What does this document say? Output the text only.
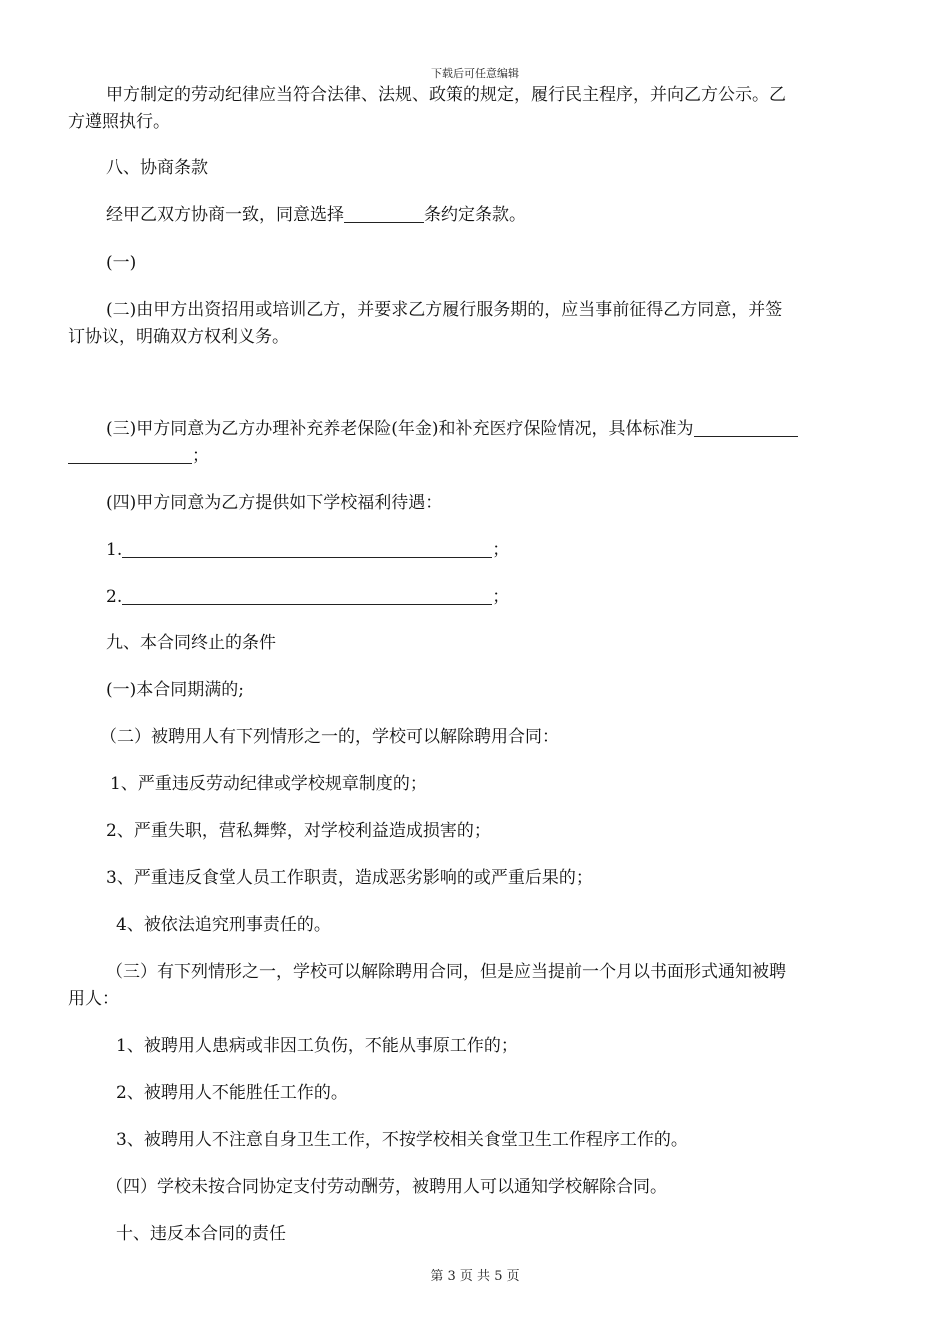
下载后可任意编辑
甲方制定的劳动纪律应当符合法律、法规、政策的规定，履行民主程序，并向乙方公示。乙
方遵照执行。
八、协商条款
经甲乙双方协商一致，同意选择	条约定条款。
(一)
(二)由甲方出资招用或培训乙方，并要求乙方履行服务期的，应当事前征得乙方同意，并签
订协议，明确双方权利义务。
(三)甲方同意为乙方办理补充养老保险(年金)和补充医疗保险情况，具体标准为
；
(四)甲方同意为乙方提供如下学校福利待遇：
1.	；
2.	；
九、本合同终止的条件
(一)本合同期满的;
（二）被聘用人有下列情形之一的，学校可以解除聘用合同：
1、严重违反劳动纪律或学校规章制度的；
2、严重失职，营私舞弊，对学校利益造成损害的；
3、严重违反食堂人员工作职责，造成恶劣影响的或严重后果的；
4、被依法追究刑事责任的。
（三）有下列情形之一，学校可以解除聘用合同，但是应当提前一个月以书面形式通知被聘
用人：
1、被聘用人患病或非因工负伤，不能从事原工作的；
2、被聘用人不能胜任工作的。
3、被聘用人不注意自身卫生工作，不按学校相关食堂卫生工作程序工作的。
（四）学校未按合同协定支付劳动酬劳，被聘用人可以通知学校解除合同。
十、违反本合同的责任
第 3 页 共 5 页
